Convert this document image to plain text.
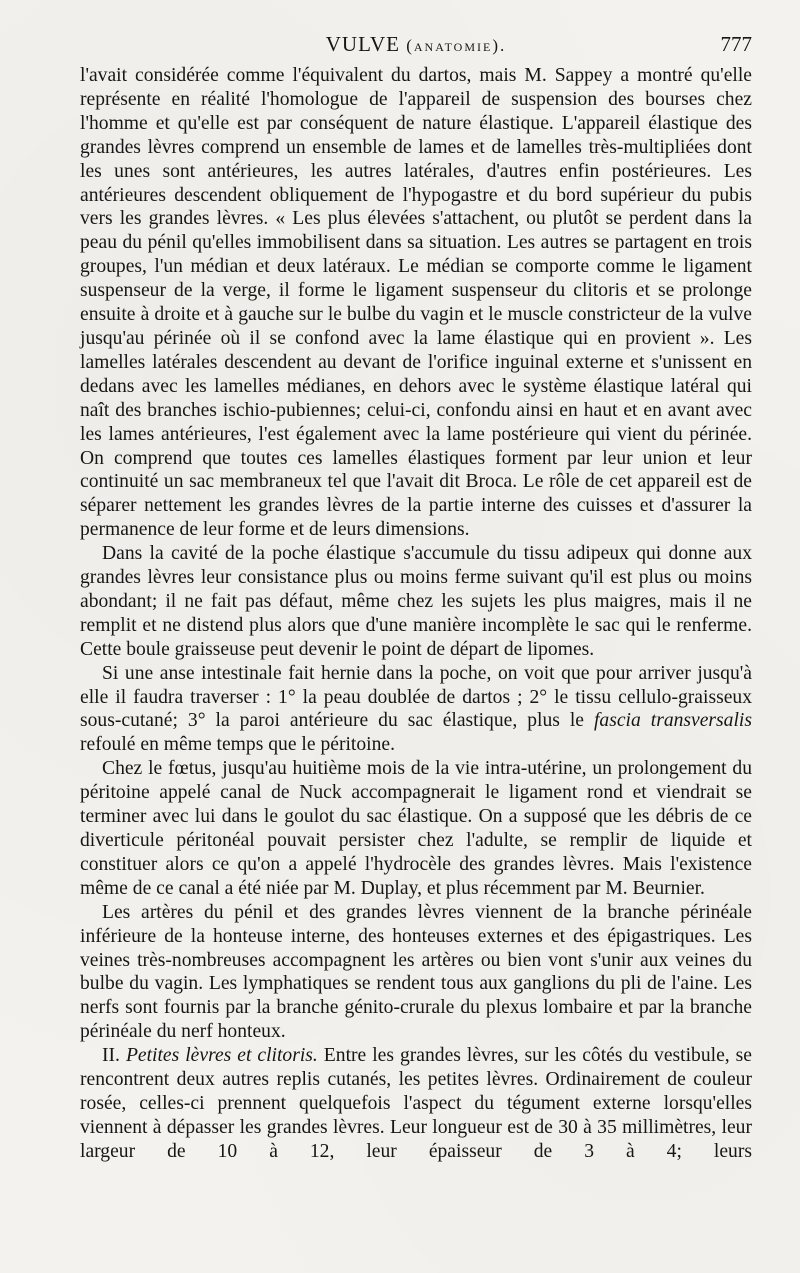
VULVE (anatomie).	777

l'avait considérée comme l'équivalent du dartos, mais M. Sappey a montré qu'elle représente en réalité l'homologue de l'appareil de suspension des bourses chez l'homme et qu'elle est par conséquent de nature élastique. L'appareil élastique des grandes lèvres comprend un ensemble de lames et de lamelles très-multipliées dont les unes sont antérieures, les autres latérales, d'autres enfin postérieures. Les antérieures descendent obliquement de l'hypogastre et du bord supérieur du pubis vers les grandes lèvres. « Les plus élevées s'attachent, ou plutôt se perdent dans la peau du pénil qu'elles immobilisent dans sa situation. Les autres se partagent en trois groupes, l'un médian et deux latéraux. Le médian se comporte comme le ligament suspenseur de la verge, il forme le ligament suspenseur du clitoris et se prolonge ensuite à droite et à gauche sur le bulbe du vagin et le muscle constricteur de la vulve jusqu'au périnée où il se confond avec la lame élastique qui en provient ». Les lamelles latérales descendent au devant de l'orifice inguinal externe et s'unissent en dedans avec les lamelles médianes, en dehors avec le système élastique latéral qui naît des branches ischio-pubiennes; celui-ci, confondu ainsi en haut et en avant avec les lames antérieures, l'est également avec la lame postérieure qui vient du périnée. On comprend que toutes ces lamelles élastiques forment par leur union et leur continuité un sac membraneux tel que l'avait dit Broca. Le rôle de cet appareil est de séparer nettement les grandes lèvres de la partie interne des cuisses et d'assurer la permanence de leur forme et de leurs dimensions.

Dans la cavité de la poche élastique s'accumule du tissu adipeux qui donne aux grandes lèvres leur consistance plus ou moins ferme suivant qu'il est plus ou moins abondant; il ne fait pas défaut, même chez les sujets les plus maigres, mais il ne remplit et ne distend plus alors que d'une manière incomplète le sac qui le renferme. Cette boule graisseuse peut devenir le point de départ de lipomes.

Si une anse intestinale fait hernie dans la poche, on voit que pour arriver jusqu'à elle il faudra traverser : 1° la peau doublée de dartos ; 2° le tissu cellulo-graisseux sous-cutané; 3° la paroi antérieure du sac élastique, plus le fascia transversalis refoulé en même temps que le péritoine.

Chez le fœtus, jusqu'au huitième mois de la vie intra-utérine, un prolongement du péritoine appelé canal de Nuck accompagnerait le ligament rond et viendrait se terminer avec lui dans le goulot du sac élastique. On a supposé que les débris de ce diverticule péritonéal pouvait persister chez l'adulte, se remplir de liquide et constituer alors ce qu'on a appelé l'hydrocèle des grandes lèvres. Mais l'existence même de ce canal a été niée par M. Duplay, et plus récemment par M. Beurnier.

Les artères du pénil et des grandes lèvres viennent de la branche périnéale inférieure de la honteuse interne, des honteuses externes et des épigastriques. Les veines très-nombreuses accompagnent les artères ou bien vont s'unir aux veines du bulbe du vagin. Les lymphatiques se rendent tous aux ganglions du pli de l'aine. Les nerfs sont fournis par la branche génito-crurale du plexus lombaire et par la branche périnéale du nerf honteux.

II. Petites lèvres et clitoris. Entre les grandes lèvres, sur les côtés du vestibule, se rencontrent deux autres replis cutanés, les petites lèvres. Ordinairement de couleur rosée, celles-ci prennent quelquefois l'aspect du tégument externe lorsqu'elles viennent à dépasser les grandes lèvres. Leur longueur est de 30 à 35 millimètres, leur largeur de 10 à 12, leur épaisseur de 3 à 4; leurs
